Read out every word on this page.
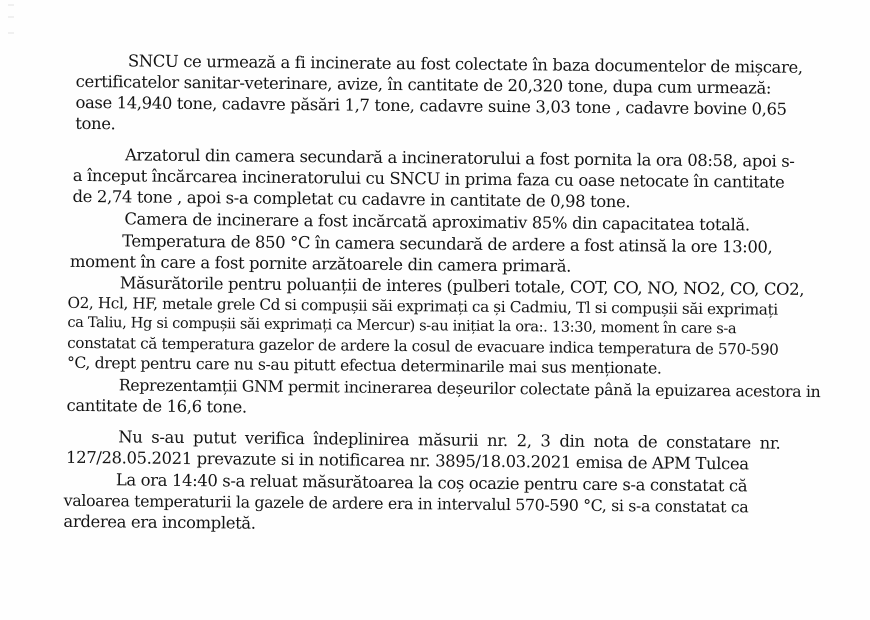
SNCU ce urmează a fi incinerate au fost colectate în baza documentelor de mișcare,
certificatelor sanitar-veterinare, avize, în cantitate de 20,320 tone, dupa cum urmează:
oase 14,940 tone, cadavre păsări 1,7 tone, cadavre suine 3,03 tone , cadavre bovine 0,65
tone.

Arzatorul din camera secundară a incineratorului a fost pornita la ora 08:58, apoi s-
a început încărcarea incineratorului cu SNCU in prima faza cu oase netocate în cantitate
de 2,74 tone , apoi s-a completat cu cadavre in cantitate de 0,98 tone.

Camera de incinerare a fost incărcată aproximativ 85% din capacitatea totală.

Temperatura de 850 °C în camera secundară de ardere a fost atinsă la ore 13:00,
moment în care a fost pornite arzătoarele din camera primară.

Măsurătorile pentru poluanții de interes (pulberi totale, COT, CO, NO, NO2, CO, CO2,
O2, Hcl, HF, metale grele Cd si compușii săi exprimați ca și Cadmiu, Tl si compușii săi exprimați
ca Taliu, Hg si compușii săi exprimați ca Mercur) s-au inițiat la ora:. 13:30, moment în care s-a
constatat că temperatura gazelor de ardere la cosul de evacuare indica temperatura de 570-590
°C, drept pentru care nu s-au pitutt efectua determinarile mai sus menționate.

Reprezentamții GNM permit incinerarea deșeurilor colectate până la epuizarea acestora in
cantitate de 16,6 tone.

Nu s-au putut verifica îndeplinirea măsurii nr. 2, 3 din nota de constatare nr.
127/28.05.2021 prevazute si in notificarea nr. 3895/18.03.2021 emisa de APM Tulcea

La ora 14:40 s-a reluat măsurătoarea la coș ocazie pentru care s-a constatat că
valoarea temperaturii la gazele de ardere era in intervalul 570-590 °C, si s-a constatat ca
arderea era incompletă.
